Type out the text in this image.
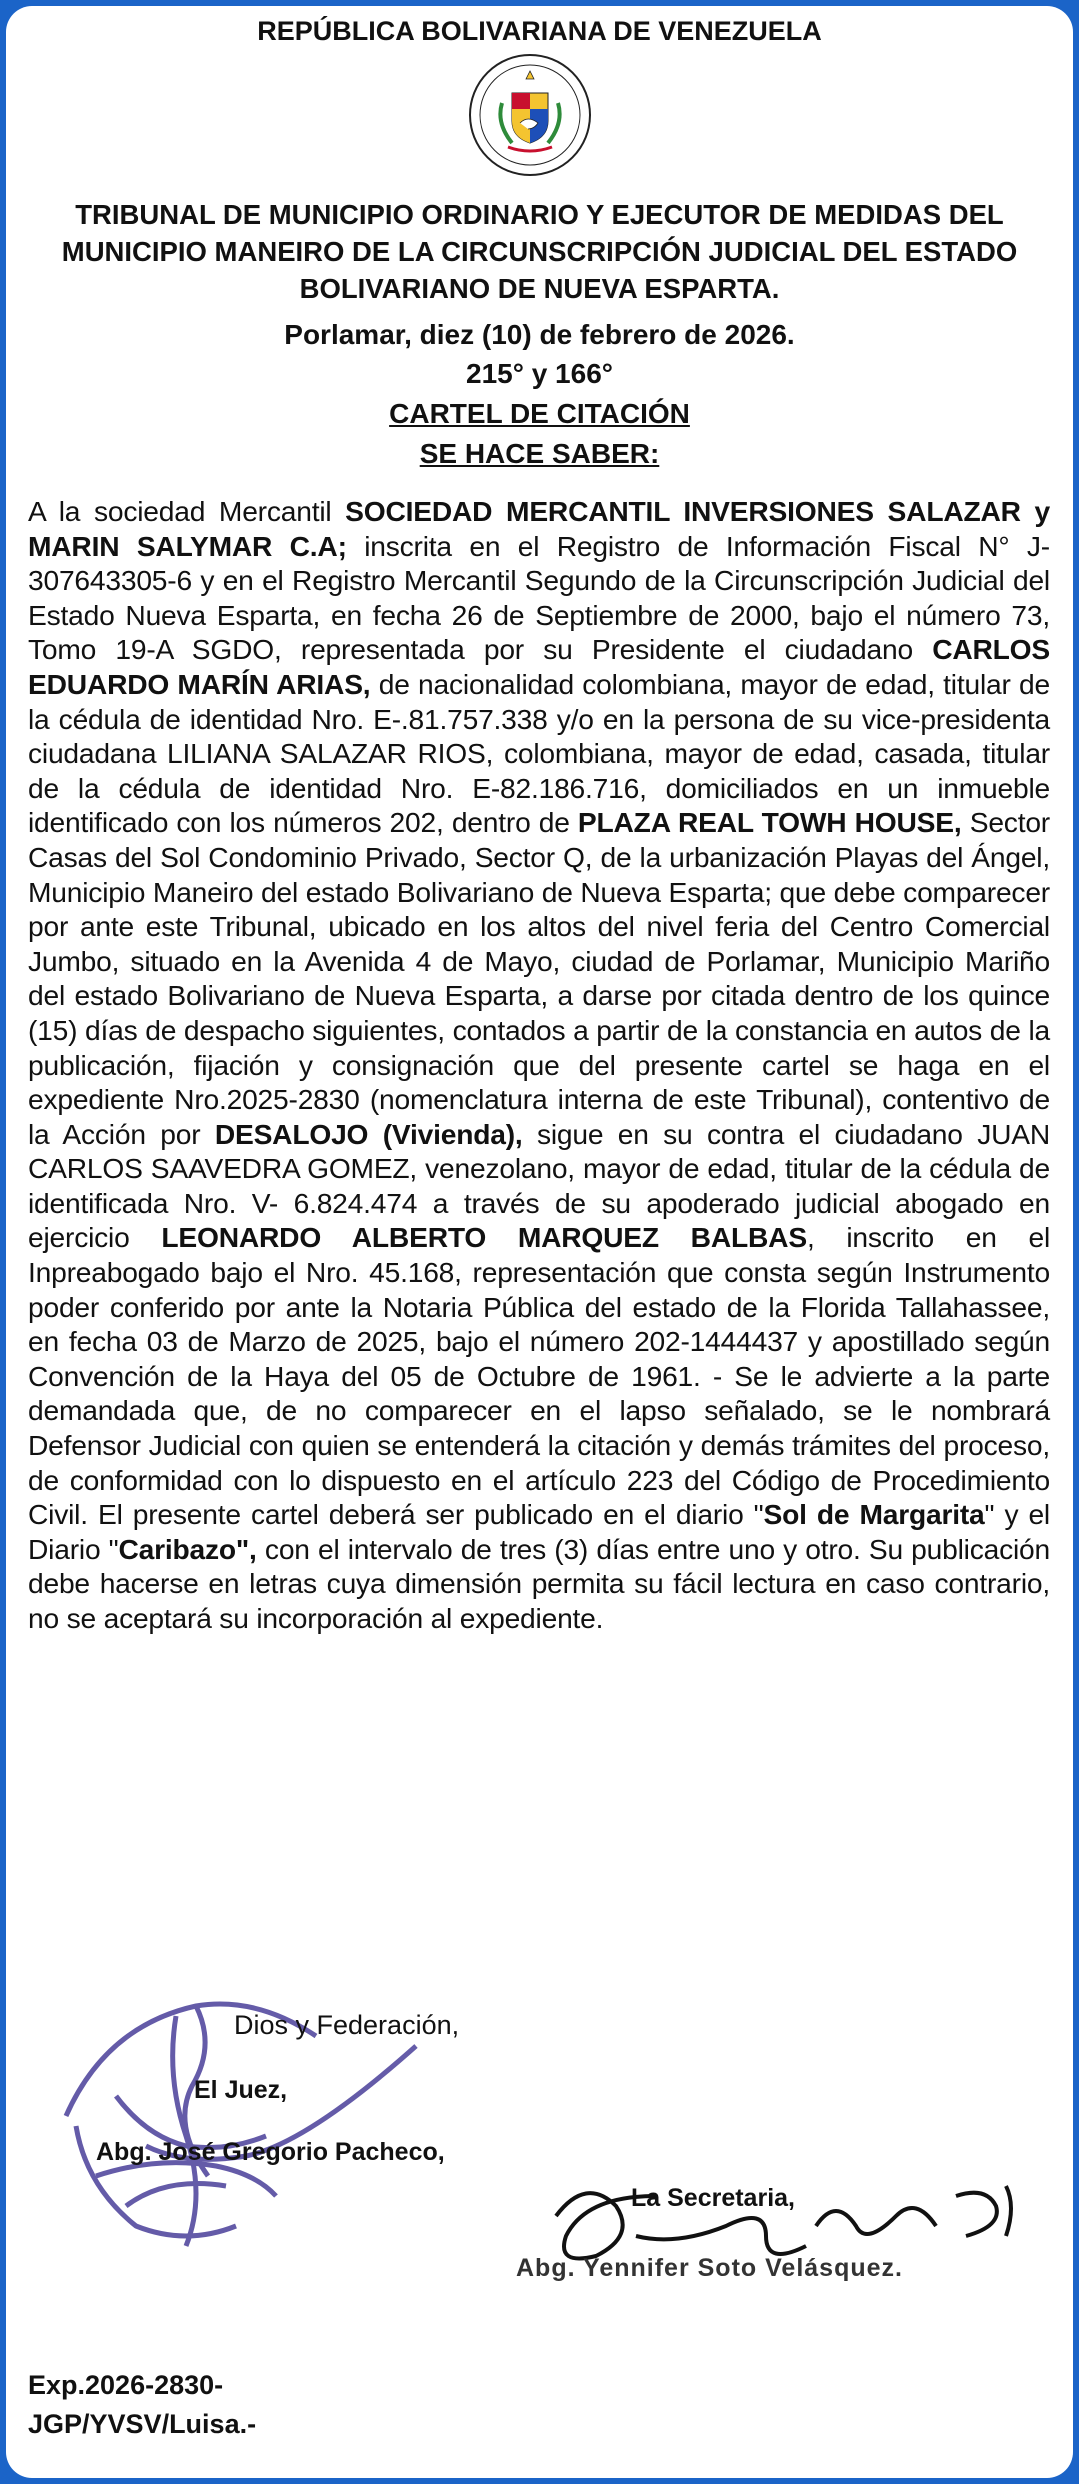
REPÚBLICA BOLIVARIANA DE VENEZUELA
TRIBUNAL DE MUNICIPIO ORDINARIO Y EJECUTOR DE MEDIDAS DEL
MUNICIPIO MANEIRO DE LA CIRCUNSCRIPCIÓN JUDICIAL DEL ESTADO
BOLIVARIANO DE NUEVA ESPARTA.
Porlamar, diez (10) de febrero de 2026.
215° y 166°
CARTEL DE CITACIÓN
SE HACE SABER:
A la sociedad Mercantil SOCIEDAD MERCANTIL INVERSIONES SALAZAR y MARIN SALYMAR C.A; inscrita en el Registro de Información Fiscal N° J- 307643305-6 y en el Registro Mercantil Segundo de la Circunscripción Judicial del Estado Nueva Esparta, en fecha 26 de Septiembre de 2000, bajo el número 73, Tomo 19-A SGDO, representada por su Presidente el ciudadano CARLOS EDUARDO MARÍN ARIAS, de nacionalidad colombiana, mayor de edad, titular de la cédula de identidad Nro. E-.81.757.338 y/o en la persona de su vice-presidenta ciudadana LILIANA SALAZAR RIOS, colombiana, mayor de edad, casada, titular de la cédula de identidad Nro. E-82.186.716, domiciliados en un inmueble identificado con los números 202, dentro de PLAZA REAL TOWH HOUSE, Sector Casas del Sol Condominio Privado, Sector Q, de la urbanización Playas del Ángel, Municipio Maneiro del estado Bolivariano de Nueva Esparta; que debe comparecer por ante este Tribunal, ubicado en los altos del nivel feria del Centro Comercial Jumbo, situado en la Avenida 4 de Mayo, ciudad de Porlamar, Municipio Mariño del estado Bolivariano de Nueva Esparta, a darse por citada dentro de los quince (15) días de despacho siguientes, contados a partir de la constancia en autos de la publicación, fijación y consignación que del presente cartel se haga en el expediente Nro.2025-2830 (nomenclatura interna de este Tribunal), contentivo de la Acción por DESALOJO (Vivienda), sigue en su contra el ciudadano JUAN CARLOS SAAVEDRA GOMEZ, venezolano, mayor de edad, titular de la cédula de identificada Nro. V- 6.824.474 a través de su apoderado judicial abogado en ejercicio LEONARDO ALBERTO MARQUEZ BALBAS, inscrito en el Inpreabogado bajo el Nro. 45.168, representación que consta según Instrumento poder conferido por ante la Notaria Pública del estado de la Florida Tallahassee, en fecha 03 de Marzo de 2025, bajo el número 202-1444437 y apostillado según Convención de la Haya del 05 de Octubre de 1961. - Se le advierte a la parte demandada que, de no comparecer en el lapso señalado, se le nombrará Defensor Judicial con quien se entenderá la citación y demás trámites del proceso, de conformidad con lo dispuesto en el artículo 223 del Código de Procedimiento Civil. El presente cartel deberá ser publicado en el diario "Sol de Margarita" y el Diario "Caribazo", con el intervalo de tres (3) días entre uno y otro. Su publicación debe hacerse en letras cuya dimensión permita su fácil lectura en caso contrario, no se aceptará su incorporación al expediente.
Dios y Federación,
El Juez,
Abg. José Gregorio Pacheco,
La Secretaria,
Abg. Yennifer Soto Velásquez.
Exp.2026-2830-
JGP/YVSV/Luisa.-
